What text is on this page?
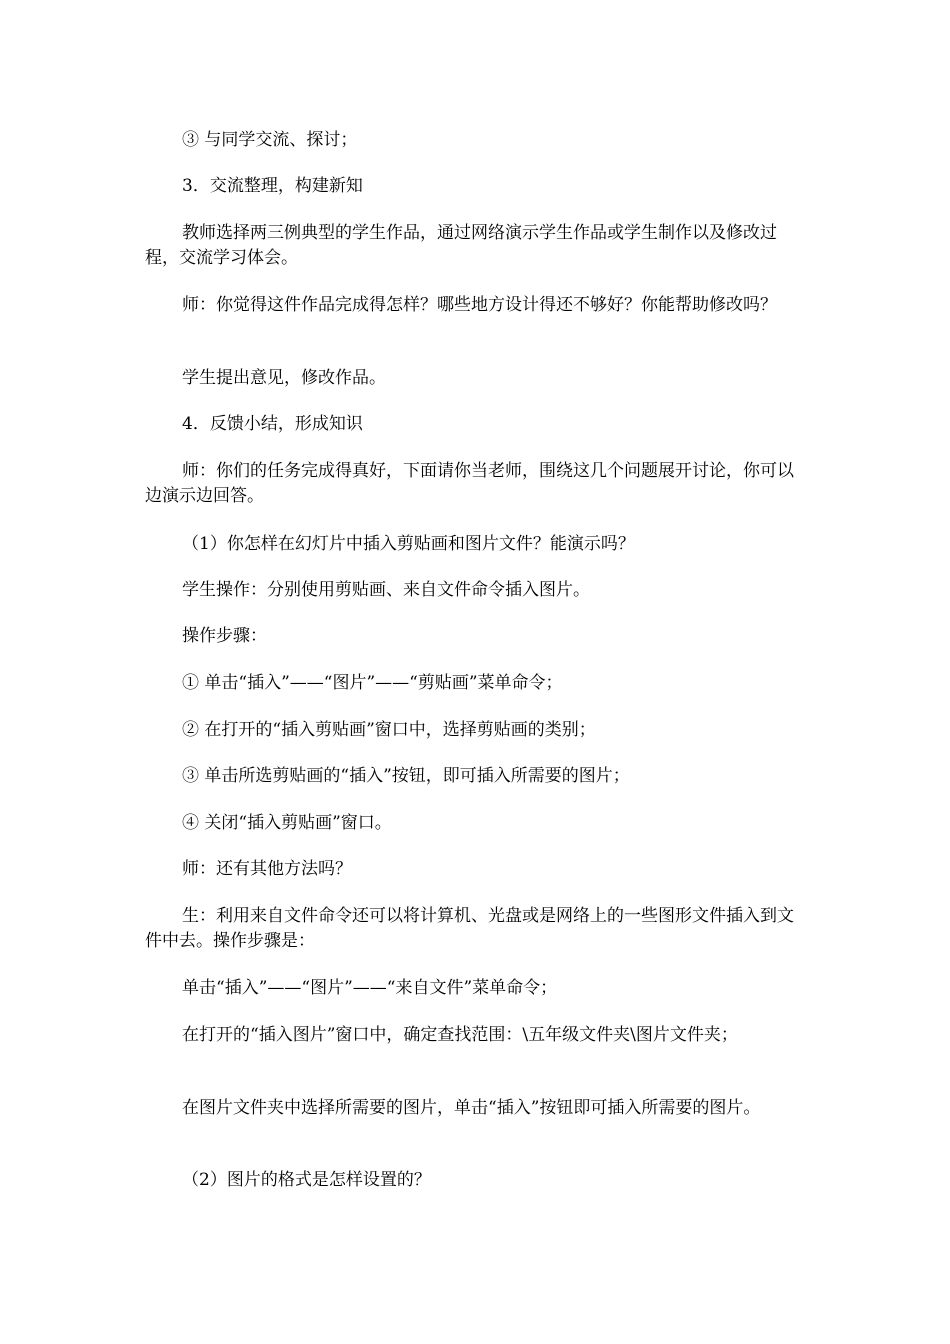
③ 与同学交流、探讨；

3．交流整理，构建新知

教师选择两三例典型的学生作品，通过网络演示学生作品或学生制作以及修改过程，交流学习体会。

师：你觉得这件作品完成得怎样？哪些地方设计得还不够好？你能帮助修改吗？

学生提出意见，修改作品。

4．反馈小结，形成知识

师：你们的任务完成得真好，下面请你当老师，围绕这几个问题展开讨论，你可以边演示边回答。

（1）你怎样在幻灯片中插入剪贴画和图片文件？能演示吗？

学生操作：分别使用剪贴画、来自文件命令插入图片。

操作步骤：

① 单击“插入”——“图片”——“剪贴画”菜单命令；

② 在打开的“插入剪贴画”窗口中，选择剪贴画的类别；

③ 单击所选剪贴画的“插入”按钮，即可插入所需要的图片；

④ 关闭“插入剪贴画”窗口。

师：还有其他方法吗？

生：利用来自文件命令还可以将计算机、光盘或是网络上的一些图形文件插入到文件中去。操作步骤是：

单击“插入”——“图片”——“来自文件”菜单命令；

在打开的“插入图片”窗口中，确定查找范围：\五年级文件夹\图片文件夹；

在图片文件夹中选择所需要的图片，单击“插入”按钮即可插入所需要的图片。

（2）图片的格式是怎样设置的？
